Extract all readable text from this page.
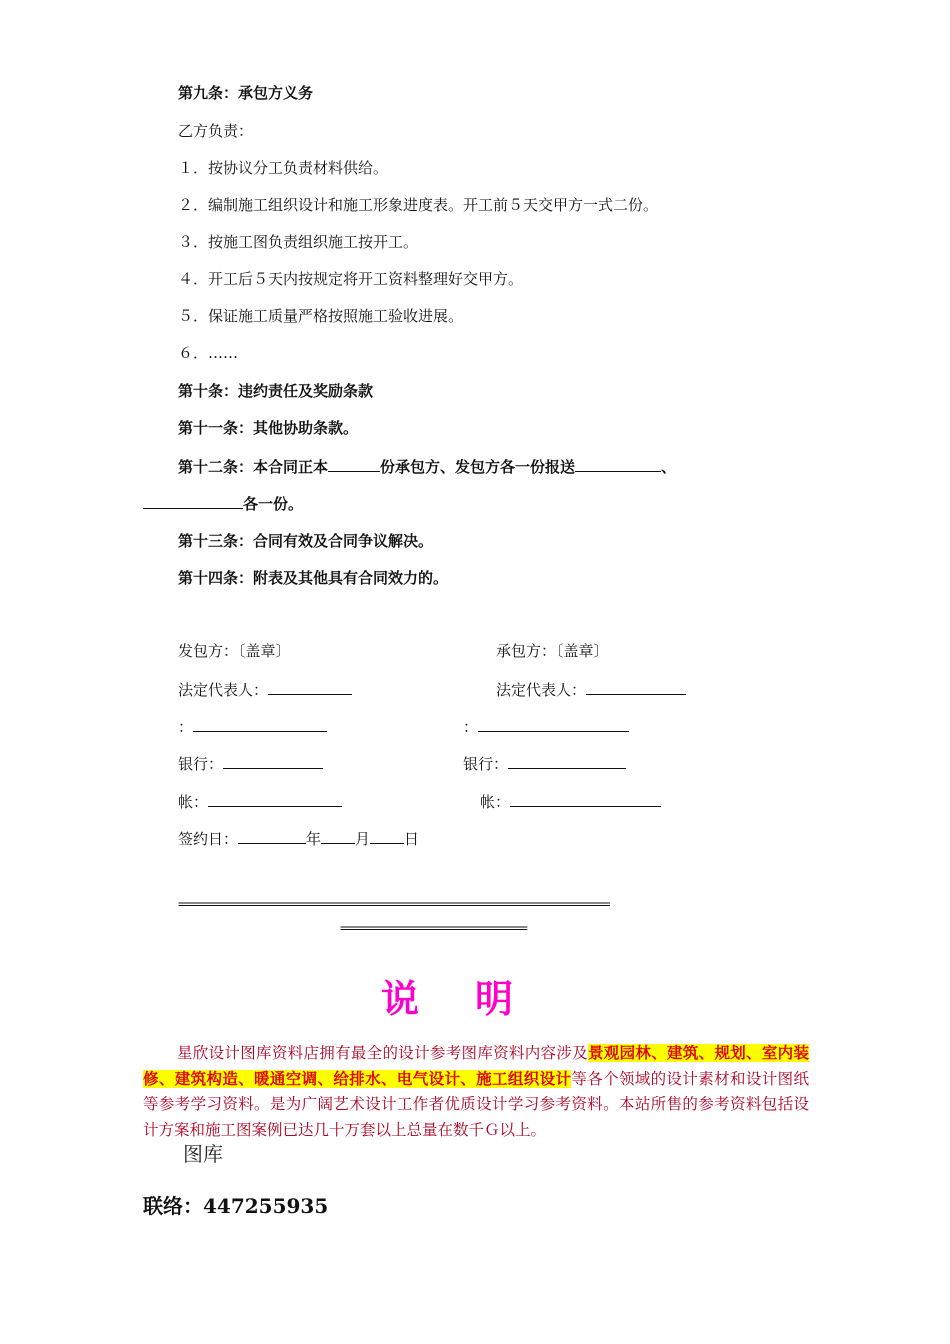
第九条：承包方义务
乙方负责：
１．按协议分工负责材料供给。
２．编制施工组织设计和施工形象进度表。开工前５天交甲方一式二份。
３．按施工图负责组织施工按开工。
４．开工后５天内按规定将开工资料整理好交甲方。
５．保证施工质量严格按照施工验收进展。
６．……
第十条：违约责任及奖励条款
第十一条：其他协助条款。
第十二条：本合同正本	份承包方、发包方各一份报送	、
各一份。
第十三条：合同有效及合同争议解决。
第十四条：附表及其他具有合同效力的。
发包方：〔盖章〕	承包方：〔盖章〕
法定代表人：	法定代表人：
：	：
银行：	银行：
帐：	帐：
签约日：	年 月 日
==========================================================================
================================
说明
星欣设计图库资料店拥有最全的设计参考图库资料内容涉及景观园林、建筑、规划、室内装修、建筑构造、暖通空调、给排水、电气设计、施工组织设计等各个领域的设计素材和设计图纸等参考学习资料。是为广阔艺术设计工作者优质设计学习参考资料。本站所售的参考资料包括设计方案和施工图案例已达几十万套以上总量在数千Ｇ以上。
图库
联络：447255935
